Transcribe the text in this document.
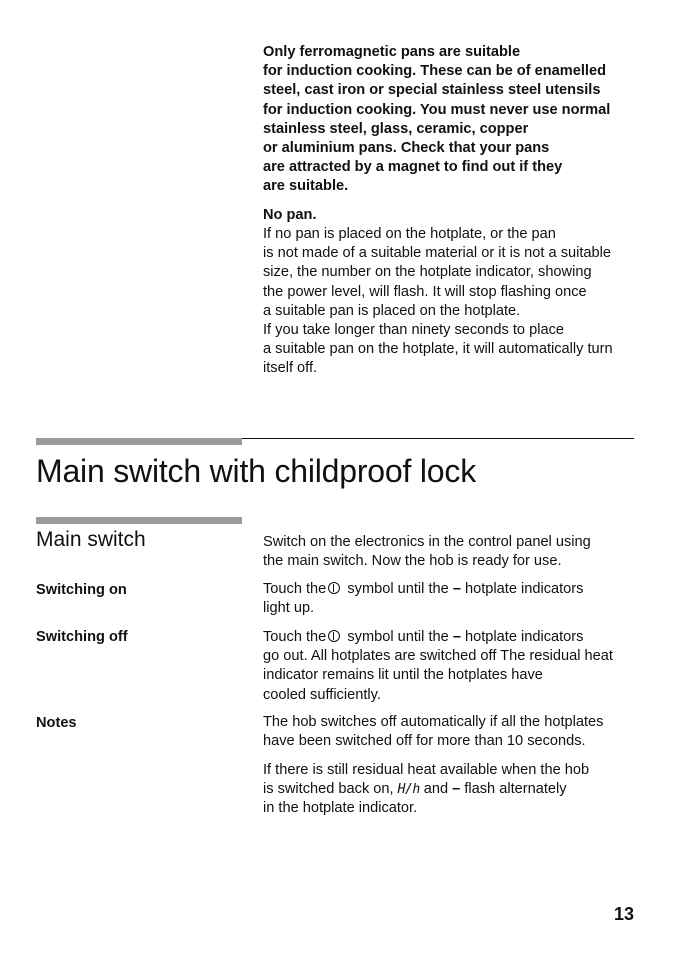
Only ferromagnetic pans are suitable
for induction cooking. These can be of enamelled
steel, cast iron or special stainless steel utensils
for induction cooking. You must never use normal
stainless steel, glass, ceramic, copper
or aluminium pans. Check that your pans
are attracted by a magnet to find out if they
are suitable.
No pan.
If no pan is placed on the hotplate, or the pan
is not made of a suitable material or it is not a suitable
size, the number on the hotplate indicator, showing
the power level, will flash. It will stop flashing once
a suitable pan is placed on the hotplate.
If you take longer than ninety seconds to place
a suitable pan on the hotplate, it will automatically turn
itself off.
Main switch with childproof lock
Main switch	Switch on the electronics in the control panel using
the main switch. Now the hob is ready for use.
Switching on	Touch the symbol until the – hotplate indicators
light up.
Switching off	Touch the symbol until the – hotplate indicators
go out. All hotplates are switched off The residual heat
indicator remains lit until the hotplates have
cooled sufficiently.
Notes	The hob switches off automatically if all the hotplates
have been switched off for more than 10 seconds.
If there is still residual heat available when the hob
is switched back on, H/h and – flash alternately
in the hotplate indicator.
13
